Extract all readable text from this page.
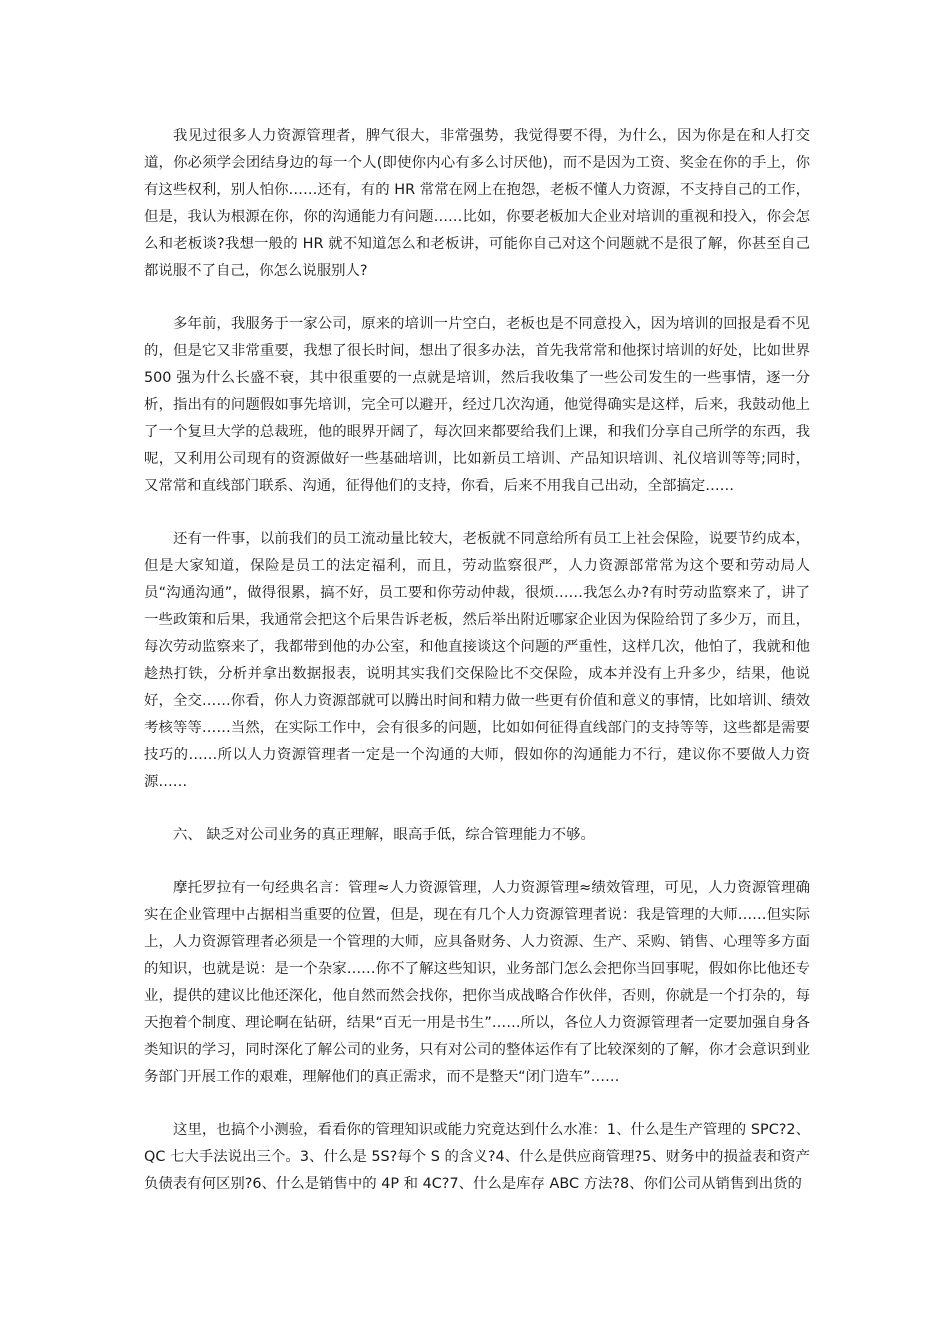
我见过很多人力资源管理者，脾气很大，非常强势，我觉得要不得，为什么，因为你是在和人打交道，你必须学会团结身边的每一个人(即使你内心有多么讨厌他)，而不是因为工资、奖金在你的手上，你有这些权利，别人怕你……还有，有的 HR 常常在网上在抱怨，老板不懂人力资源，不支持自己的工作，但是，我认为根源在你，你的沟通能力有问题……比如，你要老板加大企业对培训的重视和投入，你会怎么和老板谈?我想一般的 HR 就不知道怎么和老板讲，可能你自己对这个问题就不是很了解，你甚至自己都说服不了自己，你怎么说服别人?

多年前，我服务于一家公司，原来的培训一片空白，老板也是不同意投入，因为培训的回报是看不见的，但是它又非常重要，我想了很长时间，想出了很多办法，首先我常常和他探讨培训的好处，比如世界 500 强为什么长盛不衰，其中很重要的一点就是培训，然后我收集了一些公司发生的一些事情，逐一分析，指出有的问题假如事先培训，完全可以避开，经过几次沟通，他觉得确实是这样，后来，我鼓动他上了一个复旦大学的总裁班，他的眼界开阔了，每次回来都要给我们上课，和我们分享自己所学的东西，我呢，又利用公司现有的资源做好一些基础培训，比如新员工培训、产品知识培训、礼仪培训等等;同时，又常常和直线部门联系、沟通，征得他们的支持，你看，后来不用我自己出动，全部搞定……

还有一件事，以前我们的员工流动量比较大，老板就不同意给所有员工上社会保险，说要节约成本，但是大家知道，保险是员工的法定福利，而且，劳动监察很严，人力资源部常常为这个要和劳动局人员“沟通沟通”，做得很累，搞不好，员工要和你劳动仲裁，很烦……我怎么办?有时劳动监察来了，讲了一些政策和后果，我通常会把这个后果告诉老板，然后举出附近哪家企业因为保险给罚了多少万，而且，每次劳动监察来了，我都带到他的办公室，和他直接谈这个问题的严重性，这样几次，他怕了，我就和他趁热打铁，分析并拿出数据报表，说明其实我们交保险比不交保险，成本并没有上升多少，结果，他说好，全交……你看，你人力资源部就可以腾出时间和精力做一些更有价值和意义的事情，比如培训、绩效考核等等……当然，在实际工作中，会有很多的问题，比如如何征得直线部门的支持等等，这些都是需要技巧的……所以人力资源管理者一定是一个沟通的大师，假如你的沟通能力不行，建议你不要做人力资源……

六、 缺乏对公司业务的真正理解，眼高手低，综合管理能力不够。

摩托罗拉有一句经典名言：管理≈人力资源管理，人力资源管理≈绩效管理，可见，人力资源管理确实在企业管理中占据相当重要的位置，但是，现在有几个人力资源管理者说：我是管理的大师……但实际上，人力资源管理者必须是一个管理的大师，应具备财务、人力资源、生产、采购、销售、心理等多方面的知识，也就是说：是一个杂家……你不了解这些知识，业务部门怎么会把你当回事呢，假如你比他还专业，提供的建议比他还深化，他自然而然会找你，把你当成战略合作伙伴，否则，你就是一个打杂的，每天抱着个制度、理论啊在钻研，结果“百无一用是书生”……所以，各位人力资源管理者一定要加强自身各类知识的学习，同时深化了解公司的业务，只有对公司的整体运作有了比较深刻的了解，你才会意识到业务部门开展工作的艰难，理解他们的真正需求，而不是整天“闭门造车”……

这里，也搞个小测验，看看你的管理知识或能力究竟达到什么水准：1、什么是生产管理的 SPC?2、QC 七大手法说出三个。3、什么是 5S?每个 S 的含义?4、什么是供应商管理?5、财务中的损益表和资产负债表有何区别?6、什么是销售中的 4P 和 4C?7、什么是库存 ABC 方法?8、你们公司从销售到出货的
